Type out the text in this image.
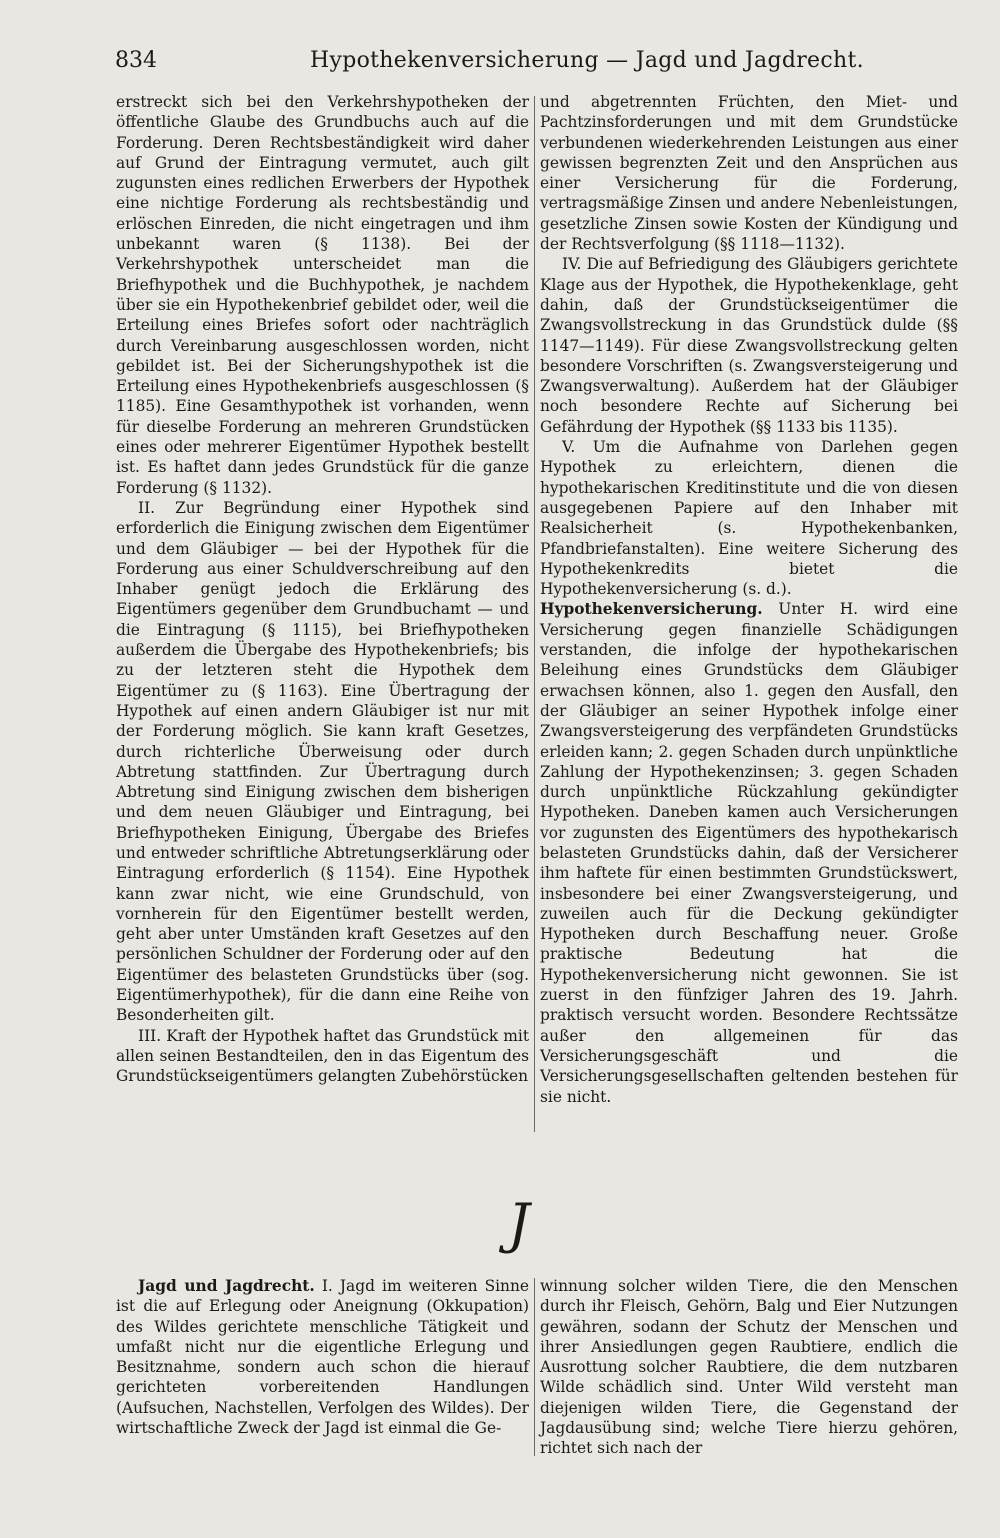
834	Hypothekenversicherung — Jagd und Jagdrecht.

erstreckt sich bei den Verkehrshypotheken der öffentliche Glaube des Grundbuchs auch auf die Forderung. Deren Rechtsbeständigkeit wird daher auf Grund der Eintragung vermutet, auch gilt zugunsten eines redlichen Erwerbers der Hypothek eine nichtige Forderung als rechtsbeständig und erlöschen Einreden, die nicht eingetragen und ihm unbekannt waren (§ 1138). Bei der Verkehrshypothek unterscheidet man die Briefhypothek und die Buchhypothek, je nachdem über sie ein Hypothekenbrief gebildet oder, weil die Erteilung eines Briefes sofort oder nachträglich durch Vereinbarung ausgeschlossen worden, nicht gebildet ist. Bei der Sicherungshypothek ist die Erteilung eines Hypothekenbriefs ausgeschlossen (§ 1185). Eine Gesamthypothek ist vorhanden, wenn für dieselbe Forderung an mehreren Grundstücken eines oder mehrerer Eigentümer Hypothek bestellt ist. Es haftet dann jedes Grundstück für die ganze Forderung (§ 1132).

II. Zur Begründung einer Hypothek sind erforderlich die Einigung zwischen dem Eigentümer und dem Gläubiger — bei der Hypothek für die Forderung aus einer Schuldverschreibung auf den Inhaber genügt jedoch die Erklärung des Eigentümers gegenüber dem Grundbuchamt — und die Eintragung (§ 1115), bei Briefhypotheken außerdem die Übergabe des Hypothekenbriefs; bis zu der letzteren steht die Hypothek dem Eigentümer zu (§ 1163). Eine Übertragung der Hypothek auf einen andern Gläubiger ist nur mit der Forderung möglich. Sie kann kraft Gesetzes, durch richterliche Überweisung oder durch Abtretung stattfinden. Zur Übertragung durch Abtretung sind Einigung zwischen dem bisherigen und dem neuen Gläubiger und Eintragung, bei Briefhypotheken Einigung, Übergabe des Briefes und entweder schriftliche Abtretungserklärung oder Eintragung erforderlich (§ 1154). Eine Hypothek kann zwar nicht, wie eine Grundschuld, von vornherein für den Eigentümer bestellt werden, geht aber unter Umständen kraft Gesetzes auf den persönlichen Schuldner der Forderung oder auf den Eigentümer des belasteten Grundstücks über (sog. Eigentümerhypothek), für die dann eine Reihe von Besonderheiten gilt.

III. Kraft der Hypothek haftet das Grundstück mit allen seinen Bestandteilen, den in das Eigentum des Grundstückseigentümers gelangten Zubehörstücken

und abgetrennten Früchten, den Miet- und Pachtzinsforderungen und mit dem Grundstücke verbundenen wiederkehrenden Leistungen aus einer gewissen begrenzten Zeit und den Ansprüchen aus einer Versicherung für die Forderung, vertragsmäßige Zinsen und andere Nebenleistungen, gesetzliche Zinsen sowie Kosten der Kündigung und der Rechtsverfolgung (§§ 1118—1132).

IV. Die auf Befriedigung des Gläubigers gerichtete Klage aus der Hypothek, die Hypothekenklage, geht dahin, daß der Grundstückseigentümer die Zwangsvollstreckung in das Grundstück dulde (§§ 1147—1149). Für diese Zwangsvollstreckung gelten besondere Vorschriften (s. Zwangsversteigerung und Zwangsverwaltung). Außerdem hat der Gläubiger noch besondere Rechte auf Sicherung bei Gefährdung der Hypothek (§§ 1133 bis 1135).

V. Um die Aufnahme von Darlehen gegen Hypothek zu erleichtern, dienen die hypothekarischen Kreditinstitute und die von diesen ausgegebenen Papiere auf den Inhaber mit Realsicherheit (s. Hypothekenbanken, Pfandbriefanstalten). Eine weitere Sicherung des Hypothekenkredits bietet die Hypothekenversicherung (s. d.).

Hypothekenversicherung. Unter H. wird eine Versicherung gegen finanzielle Schädigungen verstanden, die infolge der hypothekarischen Beleihung eines Grundstücks dem Gläubiger erwachsen können, also 1. gegen den Ausfall, den der Gläubiger an seiner Hypothek infolge einer Zwangsversteigerung des verpfändeten Grundstücks erleiden kann; 2. gegen Schaden durch unpünktliche Zahlung der Hypothekenzinsen; 3. gegen Schaden durch unpünktliche Rückzahlung gekündigter Hypotheken. Daneben kamen auch Versicherungen vor zugunsten des Eigentümers des hypothekarisch belasteten Grundstücks dahin, daß der Versicherer ihm haftete für einen bestimmten Grundstückswert, insbesondere bei einer Zwangsversteigerung, und zuweilen auch für die Deckung gekündigter Hypotheken durch Beschaffung neuer. Große praktische Bedeutung hat die Hypothekenversicherung nicht gewonnen. Sie ist zuerst in den fünfziger Jahren des 19. Jahrh. praktisch versucht worden. Besondere Rechtssätze außer den allgemeinen für das Versicherungsgeschäft und die Versicherungsgesellschaften geltenden bestehen für sie nicht.

J

Jagd und Jagdrecht. I. Jagd im weiteren Sinne ist die auf Erlegung oder Aneignung (Okkupation) des Wildes gerichtete menschliche Tätigkeit und umfaßt nicht nur die eigentliche Erlegung und Besitznahme, sondern auch schon die hierauf gerichteten vorbereitenden Handlungen (Aufsuchen, Nachstellen, Verfolgen des Wildes). Der wirtschaftliche Zweck der Jagd ist einmal die Ge-

winnung solcher wilden Tiere, die den Menschen durch ihr Fleisch, Gehörn, Balg und Eier Nutzungen gewähren, sodann der Schutz der Menschen und ihrer Ansiedlungen gegen Raubtiere, endlich die Ausrottung solcher Raubtiere, die dem nutzbaren Wilde schädlich sind. Unter Wild versteht man diejenigen wilden Tiere, die Gegenstand der Jagdausübung sind; welche Tiere hierzu gehören, richtet sich nach der
